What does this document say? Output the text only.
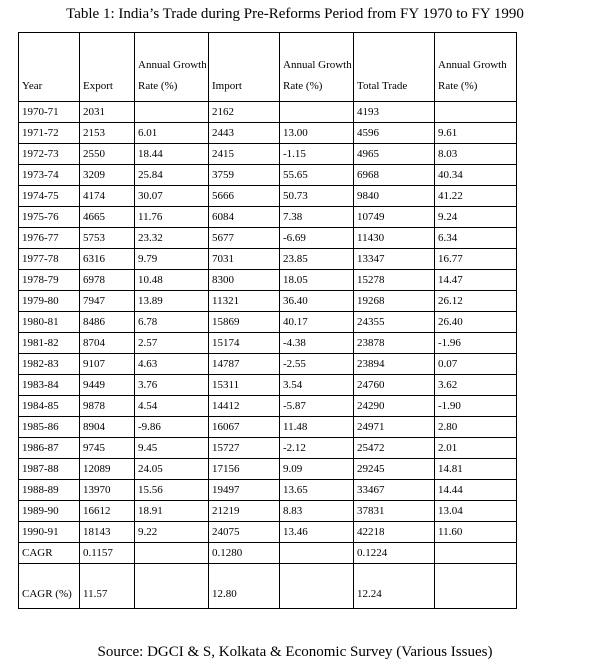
Table 1: India’s Trade during Pre-Reforms Period from FY 1970 to FY 1990
Year	Export	Annual Growth Rate (%)	Import	Annual Growth Rate (%)	Total Trade	Annual Growth Rate (%)
1970-71	2031		2162		4193	
1971-72	2153	6.01	2443	13.00	4596	9.61
1972-73	2550	18.44	2415	-1.15	4965	8.03
1973-74	3209	25.84	3759	55.65	6968	40.34
1974-75	4174	30.07	5666	50.73	9840	41.22
1975-76	4665	11.76	6084	7.38	10749	9.24
1976-77	5753	23.32	5677	-6.69	11430	6.34
1977-78	6316	9.79	7031	23.85	13347	16.77
1978-79	6978	10.48	8300	18.05	15278	14.47
1979-80	7947	13.89	11321	36.40	19268	26.12
1980-81	8486	6.78	15869	40.17	24355	26.40
1981-82	8704	2.57	15174	-4.38	23878	-1.96
1982-83	9107	4.63	14787	-2.55	23894	0.07
1983-84	9449	3.76	15311	3.54	24760	3.62
1984-85	9878	4.54	14412	-5.87	24290	-1.90
1985-86	8904	-9.86	16067	11.48	24971	2.80
1986-87	9745	9.45	15727	-2.12	25472	2.01
1987-88	12089	24.05	17156	9.09	29245	14.81
1988-89	13970	15.56	19497	13.65	33467	14.44
1989-90	16612	18.91	21219	8.83	37831	13.04
1990-91	18143	9.22	24075	13.46	42218	11.60
CAGR	0.1157		0.1280		0.1224	
CAGR (%)	11.57		12.80		12.24	
Source: DGCI & S, Kolkata & Economic Survey (Various Issues)
